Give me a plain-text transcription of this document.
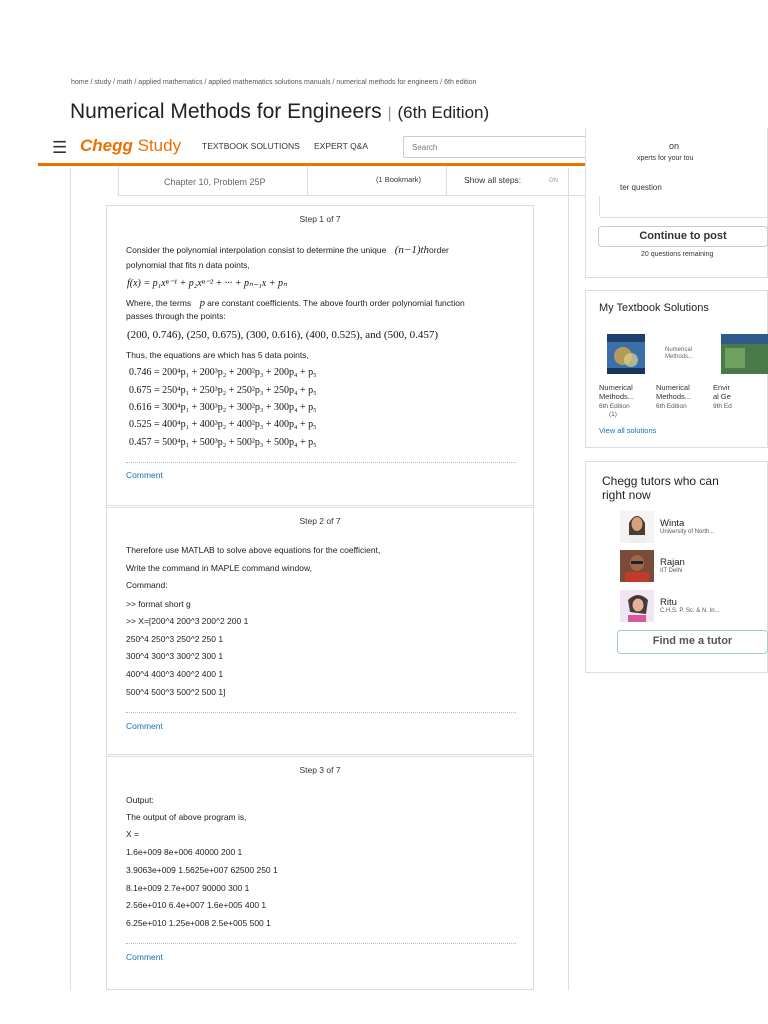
home / study / math / applied mathematics / applied mathematics solutions manuals / numerical methods for engineers / 6th edition
Numerical Methods for Engineers | (6th Edition)
☰ Chegg Study TEXTBOOK SOLUTIONS EXPERT Q&A
Search
Chapter 10, Problem 25P	(1 Bookmark)	Show all steps:	ON
Step 1 of 7
Consider the polynomial interpolation consist to determine the unique (n−1)thorder
polynomial that fits n data points,
f(x) = p₁xⁿ⁻¹ + p₂xⁿ⁻² + ··· + pₙ₋₁x + pₙ
Where, the terms p are constant coefficients. The above fourth order polynomial function
passes through the points:
(200, 0.746), (250, 0.675), (300, 0.616), (400, 0.525), and (500, 0.457)
Thus, the equations are which has 5 data points,
0.746 = 200⁴p₁ + 200³p₂ + 200²p₃ + 200p₄ + p₅
0.675 = 250⁴p₁ + 250³p₂ + 250²p₃ + 250p₄ + p₅
0.616 = 300⁴p₁ + 300³p₂ + 300²p₃ + 300p₄ + p₅
0.525 = 400⁴p₁ + 400³p₂ + 400²p₃ + 400p₄ + p₅
0.457 = 500⁴p₁ + 500³p₂ + 500²p₃ + 500p₄ + p₅
Comment
Step 2 of 7
Therefore use MATLAB to solve above equations for the coefficient,
Write the command in MAPLE command window,
Command:
>> format short g
>> X=[200^4 200^3 200^2 200 1
250^4 250^3 250^2 250 1
300^4 300^3 300^2 300 1
400^4 400^3 400^2 400 1
500^4 500^3 500^2 500 1]
Comment
Step 3 of 7
Output:
The output of above program is,
X =
1.6e+009 8e+006 40000 200 1
3.9063e+009 1.5625e+007 62500 250 1
8.1e+009 2.7e+007 90000 300 1
2.56e+010 6.4e+007 1.6e+005 400 1
6.25e+010 1.25e+008 2.5e+005 500 1
Comment
on
xperts for your tou
ter question
Continue to post
20 questions remaining
My Textbook Solutions
Numerical
Methods...
Numerical
Methods...
6th Edition
(1)
Numerical
Methods...
6th Edition
Envir
al Ge
9th Ed
View all solutions
Chegg tutors who can
right now
Winta
University of North...
Rajan
IIT Delhi
Ritu
C.H.S. P. Sc. & N. In...
Find me a tutor
